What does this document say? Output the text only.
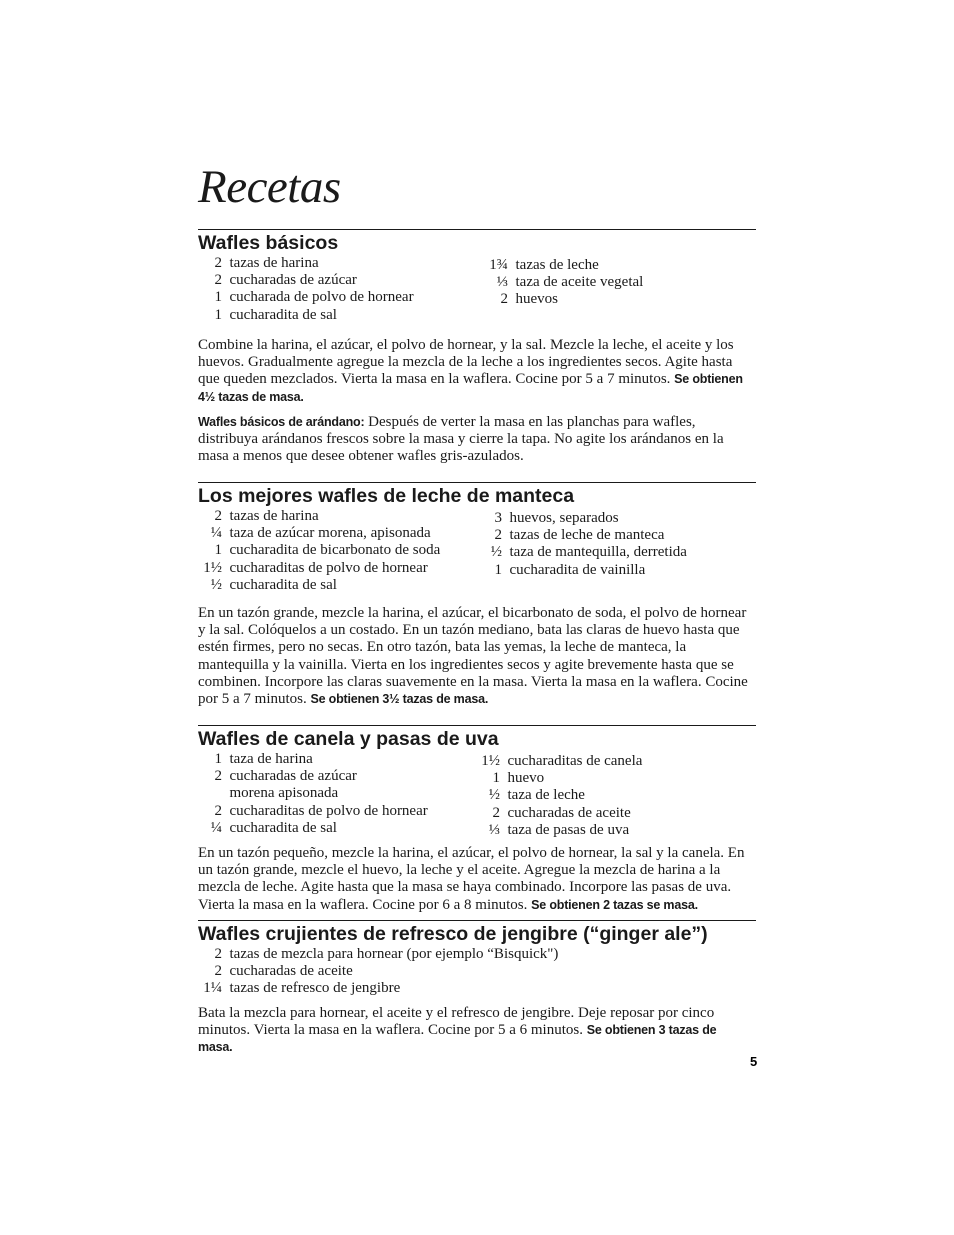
Recetas
Wafles básicos
2 tazas de harina
2 cucharadas de azúcar
1 cucharada de polvo de hornear
1 cucharadita de sal
1¾ tazas de leche
⅓ taza de aceite vegetal
2 huevos

Combine la harina, el azúcar, el polvo de hornear, y la sal. Mezcle la leche, el aceite y los huevos. Gradualmente agregue la mezcla de la leche a los ingredientes secos. Agite hasta que queden mezclados. Vierta la masa en la waflera. Cocine por 5 a 7 minutos. Se obtienen 4½ tazas de masa.

Wafles básicos de arándano: Después de verter la masa en las planchas para wafles, distribuya arándanos frescos sobre la masa y cierre la tapa. No agite los arándanos en la masa a menos que desee obtener wafles gris-azulados.

Los mejores wafles de leche de manteca
2 tazas de harina
¼ taza de azúcar morena, apisonada
1 cucharadita de bicarbonato de soda
1½ cucharaditas de polvo de hornear
½ cucharadita de sal
3 huevos, separados
2 tazas de leche de manteca
½ taza de mantequilla, derretida
1 cucharadita de vainilla

En un tazón grande, mezcle la harina, el azúcar, el bicarbonato de soda, el polvo de hornear y la sal. Colóquelos a un costado. En un tazón mediano, bata las claras de huevo hasta que estén firmes, pero no secas. En otro tazón, bata las yemas, la leche de manteca, la mantequilla y la vainilla. Vierta en los ingredientes secos y agite brevemente hasta que se combinen. Incorpore las claras suavemente en la masa. Vierta la masa en la waflera. Cocine por 5 a 7 minutos. Se obtienen 3½ tazas de masa.

Wafles de canela y pasas de uva
1 taza de harina
2 cucharadas de azúcar
morena apisonada
2 cucharaditas de polvo de hornear
¼ cucharadita de sal
1½ cucharaditas de canela
1 huevo
½ taza de leche
2 cucharadas de aceite
⅓ taza de pasas de uva

En un tazón pequeño, mezcle la harina, el azúcar, el polvo de hornear, la sal y la canela. En un tazón grande, mezcle el huevo, la leche y el aceite. Agregue la mezcla de harina a la mezcla de leche. Agite hasta que la masa se haya combinado. Incorpore las pasas de uva. Vierta la masa en la waflera. Cocine por 6 a 8 minutos. Se obtienen 2 tazas se masa.

Wafles crujientes de refresco de jengibre (“ginger ale”)
2 tazas de mezcla para hornear (por ejemplo “Bisquick")
2 cucharadas de aceite
1¼ tazas de refresco de jengibre

Bata la mezcla para hornear, el aceite y el refresco de jengibre. Deje reposar por cinco minutos. Vierta la masa en la waflera. Cocine por 5 a 6 minutos. Se obtienen 3 tazas de masa.

5
